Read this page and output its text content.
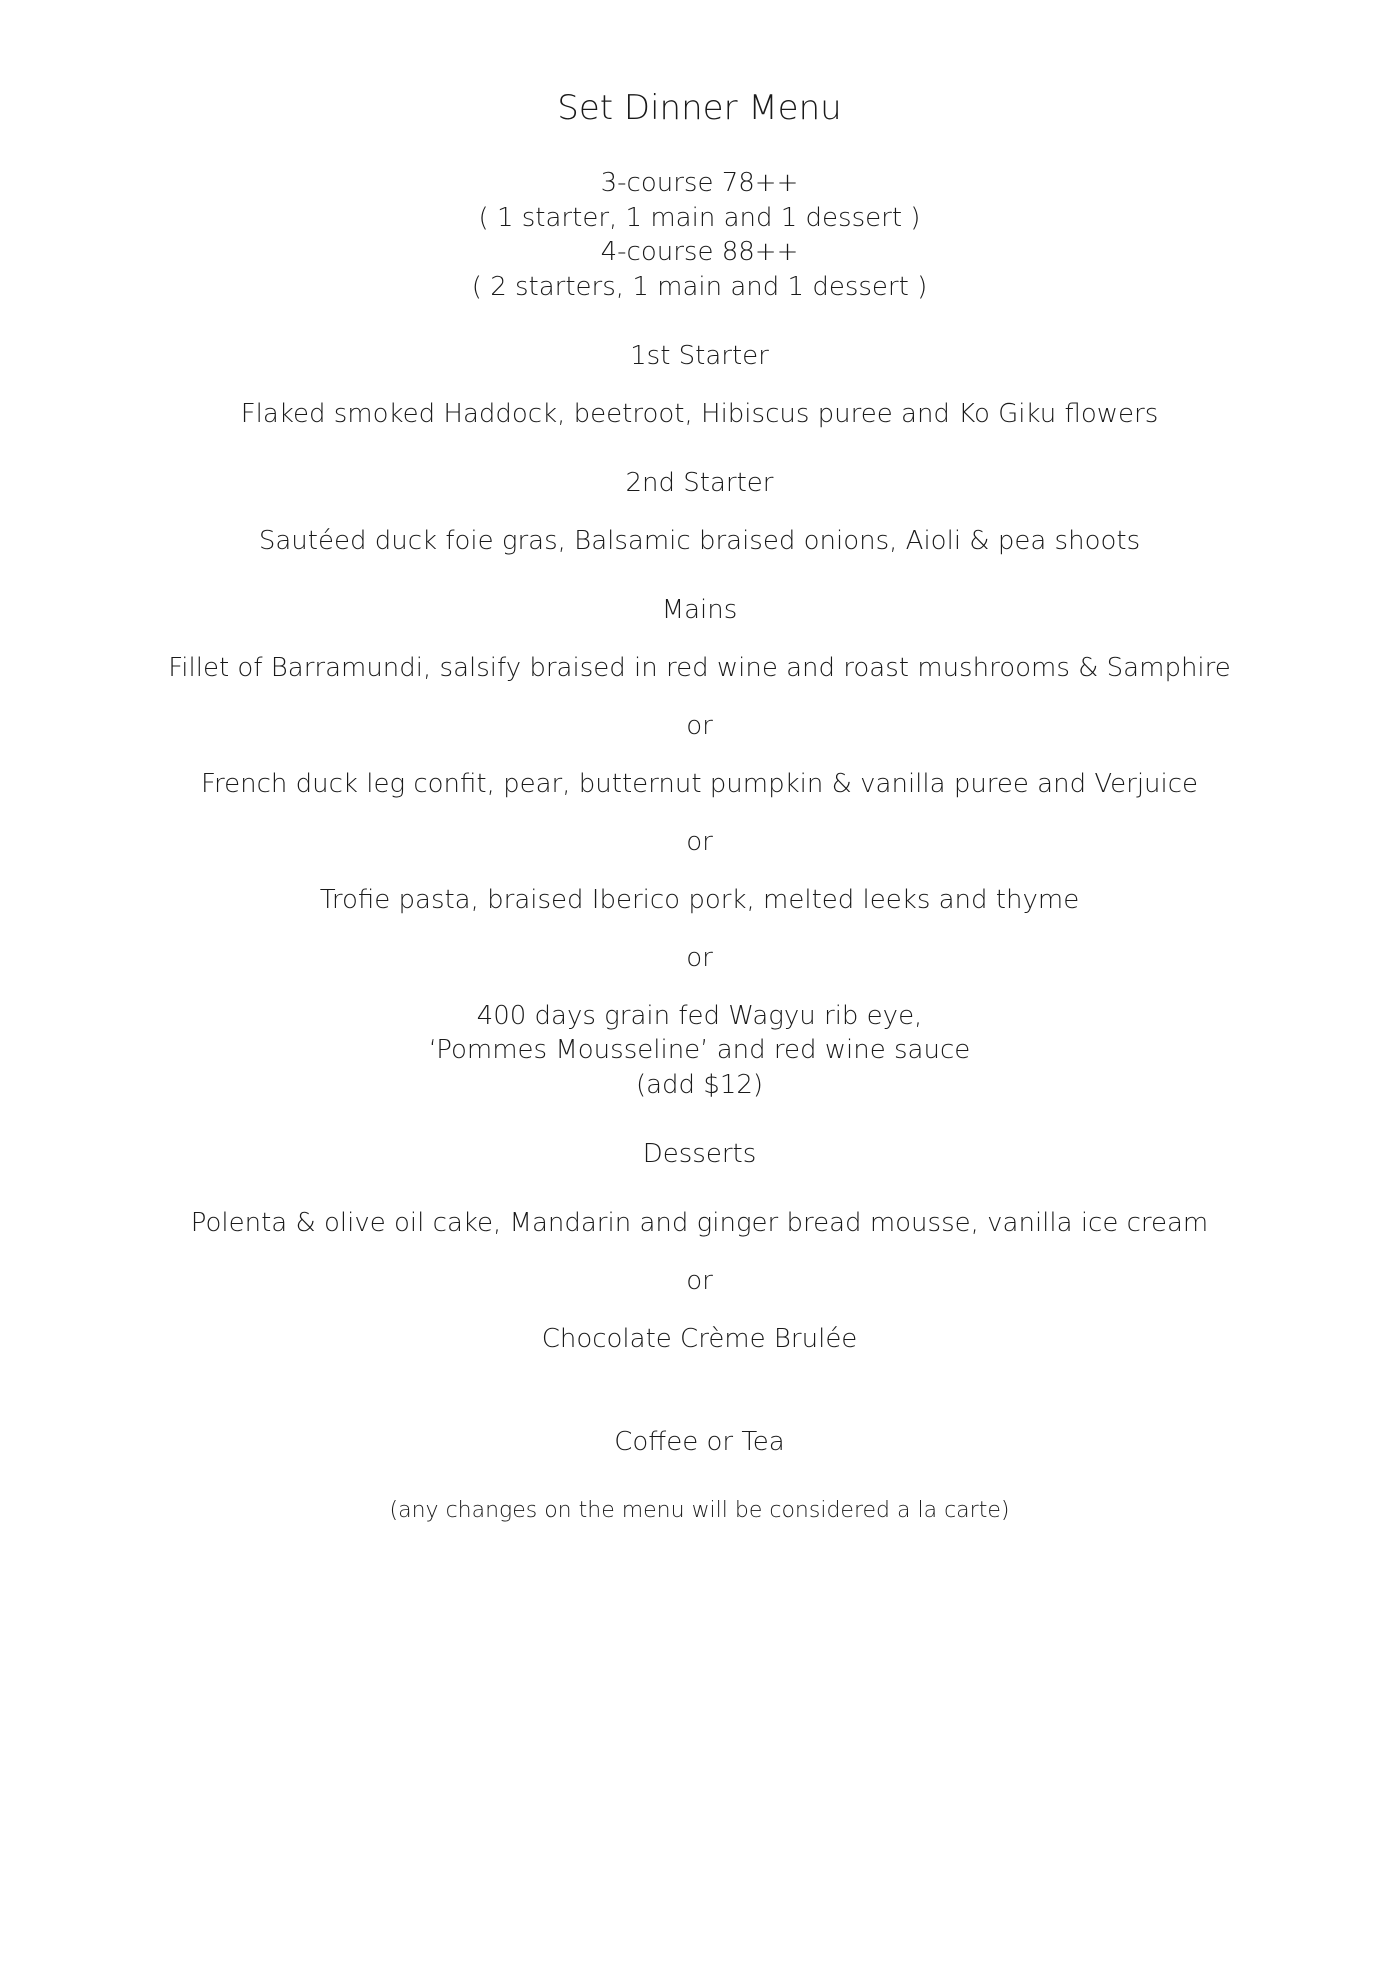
Set Dinner Menu
3-course 78++
( 1 starter, 1 main and 1 dessert )
4-course 88++
( 2 starters, 1 main and 1 dessert )
1st Starter
Flaked smoked Haddock, beetroot, Hibiscus puree and Ko Giku flowers
2nd Starter
Sautéed duck foie gras, Balsamic braised onions, Aioli & pea shoots
Mains
Fillet of Barramundi, salsify braised in red wine and roast mushrooms & Samphire
or
French duck leg confit, pear, butternut pumpkin & vanilla puree and Verjuice
or
Trofie pasta, braised Iberico pork, melted leeks and thyme
or
400 days grain fed Wagyu rib eye,
‘Pommes Mousseline’ and red wine sauce
(add $12)
Desserts
Polenta & olive oil cake, Mandarin and ginger bread mousse, vanilla ice cream
or
Chocolate Crème Brulée
Coffee or Tea
(any changes on the menu will be considered a la carte)
